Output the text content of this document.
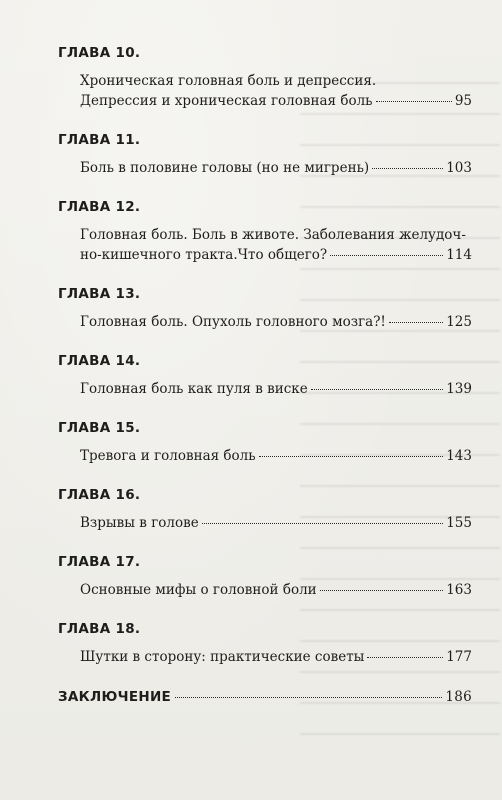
ГЛАВА 10.
Хроническая головная боль и депрессия.
Депрессия и хроническая головная боль	95
ГЛАВА 11.
Боль в половине головы (но не мигрень)	103
ГЛАВА 12.
Головная боль. Боль в животе. Заболевания желудоч-
но-кишечного тракта.Что общего?	114
ГЛАВА 13.
Головная боль. Опухоль головного мозга?!	125
ГЛАВА 14.
Головная боль как пуля в виске	139
ГЛАВА 15.
Тревога и головная боль	143
ГЛАВА 16.
Взрывы в голове	155
ГЛАВА 17.
Основные мифы о головной боли	163
ГЛАВА 18.
Шутки в сторону: практические советы	177
ЗАКЛЮЧЕНИЕ	186
